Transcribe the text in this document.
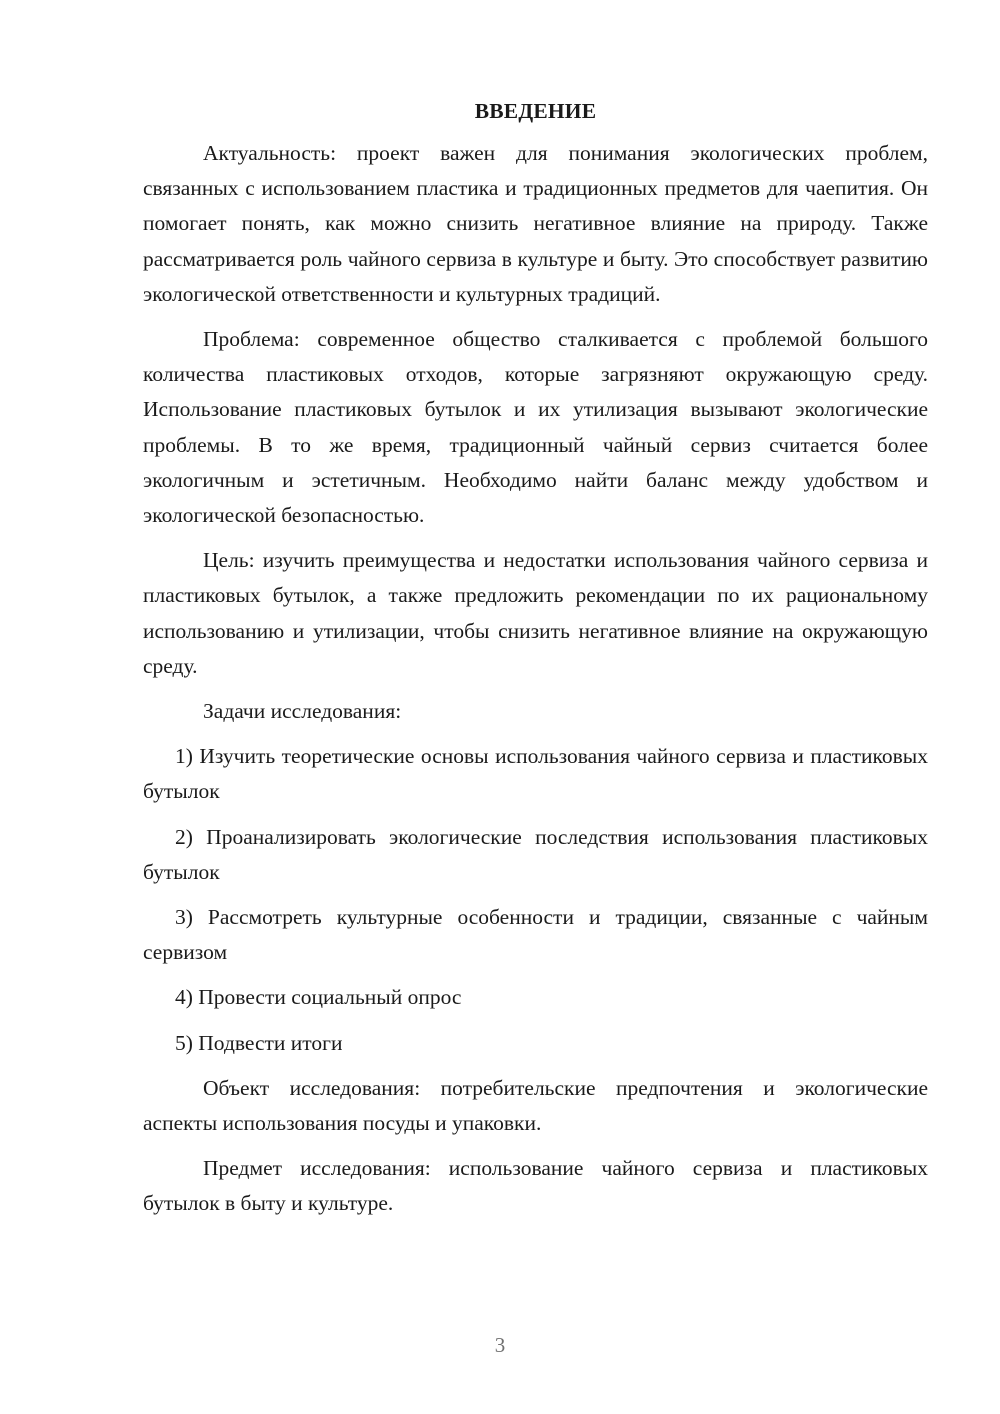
ВВЕДЕНИЕ

Актуальность: проект важен для понимания экологических проблем, связанных с использованием пластика и традиционных предметов для чаепития. Он помогает понять, как можно снизить негативное влияние на природу. Также рассматривается роль чайного сервиза в культуре и быту. Это способствует развитию экологической ответственности и культурных традиций.

Проблема: современное общество сталкивается с проблемой большого количества пластиковых отходов, которые загрязняют окружающую среду. Использование пластиковых бутылок и их утилизация вызывают экологические проблемы. В то же время, традиционный чайный сервиз считается более экологичным и эстетичным. Необходимо найти баланс между удобством и экологической безопасностью.

Цель: изучить преимущества и недостатки использования чайного сервиза и пластиковых бутылок, а также предложить рекомендации по их рациональному использованию и утилизации, чтобы снизить негативное влияние на окружающую среду.

Задачи исследования:

1) Изучить теоретические основы использования чайного сервиза и пластиковых бутылок

2) Проанализировать экологические последствия использования пластиковых бутылок

3) Рассмотреть культурные особенности и традиции, связанные с чайным сервизом

4) Провести социальный опрос

5) Подвести итоги

Объект исследования: потребительские предпочтения и экологические аспекты использования посуды и упаковки.

Предмет исследования: использование чайного сервиза и пластиковых бутылок в быту и культуре.

3
